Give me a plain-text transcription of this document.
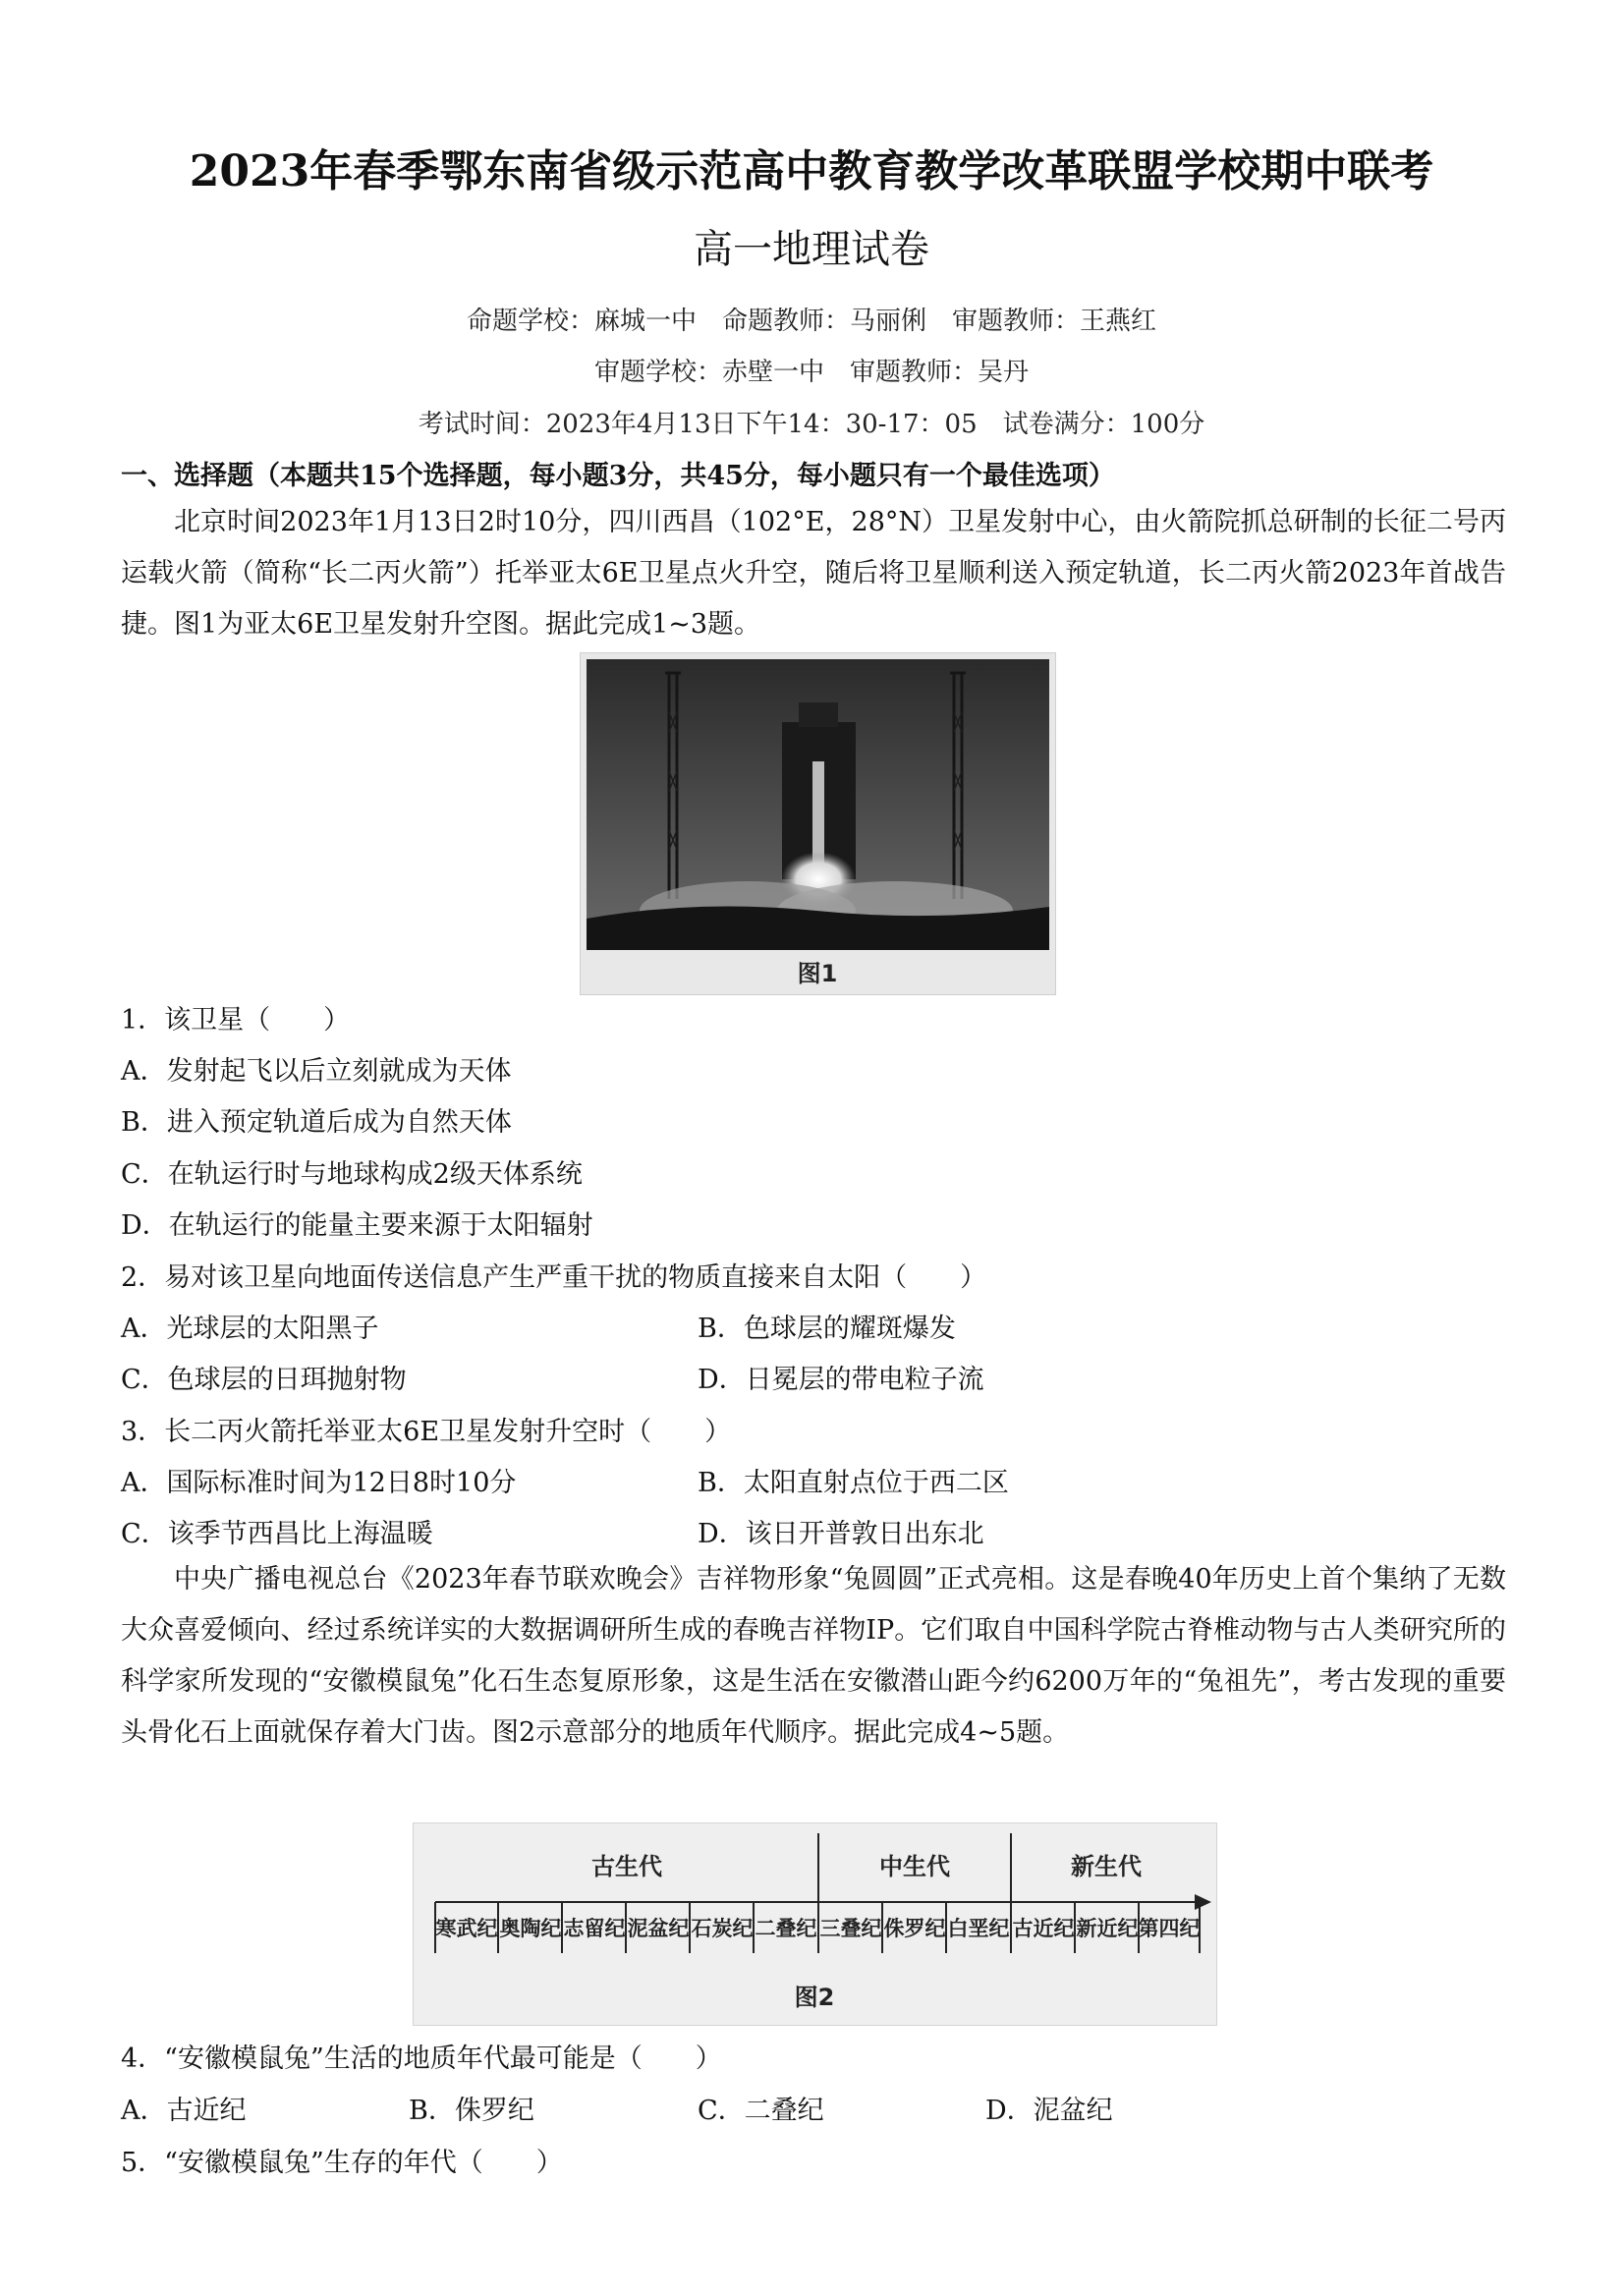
2023年春季鄂东南省级示范高中教育教学改革联盟学校期中联考
高一地理试卷
命题学校：麻城一中　命题教师：马丽俐　审题教师：王燕红
审题学校：赤壁一中　审题教师：吴丹
考试时间：2023年4月13日下午14：30-17：05　试卷满分：100分
一、选择题（本题共15个选择题，每小题3分，共45分，每小题只有一个最佳选项）
北京时间2023年1月13日2时10分，四川西昌（102°E，28°N）卫星发射中心，由火箭院抓总研制的长征二号丙运载火箭（简称“长二丙火箭”）托举亚太6E卫星点火升空，随后将卫星顺利送入预定轨道，长二丙火箭2023年首战告捷。图1为亚太6E卫星发射升空图。据此完成1~3题。
图1
1．该卫星（　　）
A．发射起飞以后立刻就成为天体
B．进入预定轨道后成为自然天体
C．在轨运行时与地球构成2级天体系统
D．在轨运行的能量主要来源于太阳辐射
2．易对该卫星向地面传送信息产生严重干扰的物质直接来自太阳（　　）
A．光球层的太阳黑子	B．色球层的耀斑爆发
C．色球层的日珥抛射物	D．日冕层的带电粒子流
3．长二丙火箭托举亚太6E卫星发射升空时（　　）
A．国际标准时间为12日8时10分	B．太阳直射点位于西二区
C．该季节西昌比上海温暖	D．该日开普敦日出东北
中央广播电视总台《2023年春节联欢晚会》吉祥物形象“兔圆圆”正式亮相。这是春晚40年历史上首个集纳了无数大众喜爱倾向、经过系统详实的大数据调研所生成的春晚吉祥物IP。它们取自中国科学院古脊椎动物与古人类研究所的科学家所发现的“安徽模鼠兔”化石生态复原形象，这是生活在安徽潜山距今约6200万年的“兔祖先”，考古发现的重要头骨化石上面就保存着大门齿。图2示意部分的地质年代顺序。据此完成4~5题。
古生代	中生代	新生代
寒武纪 奥陶纪 志留纪 泥盆纪 石炭纪 二叠纪 三叠纪 侏罗纪 白垩纪 古近纪 新近纪 第四纪
图2
4．“安徽模鼠兔”生活的地质年代最可能是（　　）
A．古近纪	B．侏罗纪	C．二叠纪	D．泥盆纪
5．“安徽模鼠兔”生存的年代（　　）
